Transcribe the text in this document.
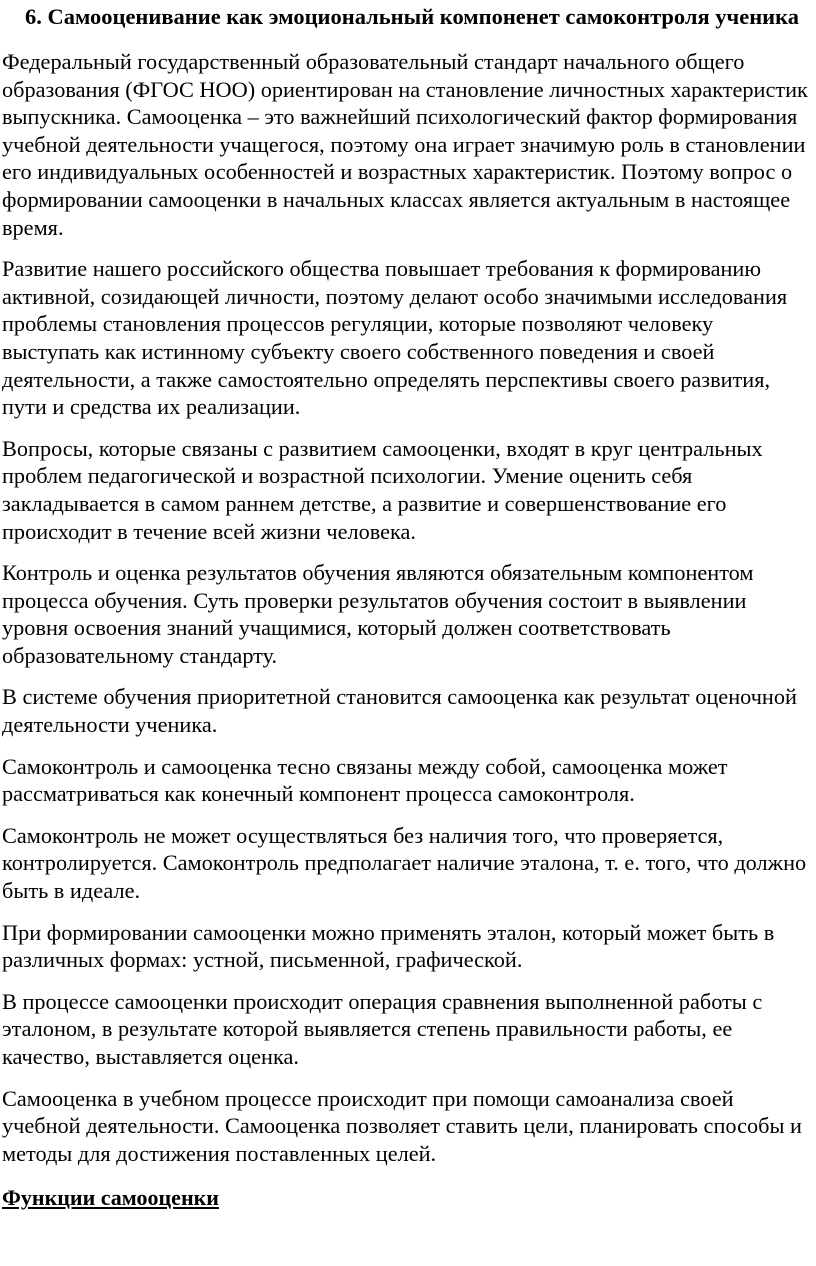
6. Самооценивание как эмоциональный компоненет самоконтроля ученика

Федеральный государственный образовательный стандарт начального общего образования (ФГОС НОО) ориентирован на становление личностных характеристик выпускника. Самооценка – это важнейший психологический фактор формирования учебной деятельности учащегося, поэтому она играет значимую роль в становлении его индивидуальных особенностей и возрастных характеристик. Поэтому вопрос о формировании самооценки в начальных классах является актуальным в настоящее время.

Развитие нашего российского общества повышает требования к формированию активной, созидающей личности, поэтому делают особо значимыми исследования проблемы становления процессов регуляции, которые позволяют человеку выступать как истинному субъекту своего собственного поведения и своей деятельности, а также самостоятельно определять перспективы своего развития, пути и средства их реализации.

Вопросы, которые связаны с развитием самооценки, входят в круг центральных проблем педагогической и возрастной психологии. Умение оценить себя закладывается в самом раннем детстве, а развитие и совершенствование его происходит в течение всей жизни человека.

Контроль и оценка результатов обучения являются обязательным компонентом процесса обучения. Суть проверки результатов обучения состоит в выявлении уровня освоения знаний учащимися, который должен соответствовать образовательному стандарту.

В системе обучения приоритетной становится самооценка как результат оценочной деятельности ученика.

Самоконтроль и самооценка тесно связаны между собой, самооценка может рассматриваться как конечный компонент процесса самоконтроля.

Самоконтроль не может осуществляться без наличия того, что проверяется, контролируется. Самоконтроль предполагает наличие эталона, т. е. того, что должно быть в идеале.

При формировании самооценки можно применять эталон, который может быть в различных формах: устной, письменной, графической.

В процессе самооценки происходит операция сравнения выполненной работы с эталоном, в результате которой выявляется степень правильности работы, ее качество, выставляется оценка.

Самооценка в учебном процессе происходит при помощи самоанализа своей учебной деятельности. Самооценка позволяет ставить цели, планировать способы и методы для достижения поставленных целей.

Функции самооценки
